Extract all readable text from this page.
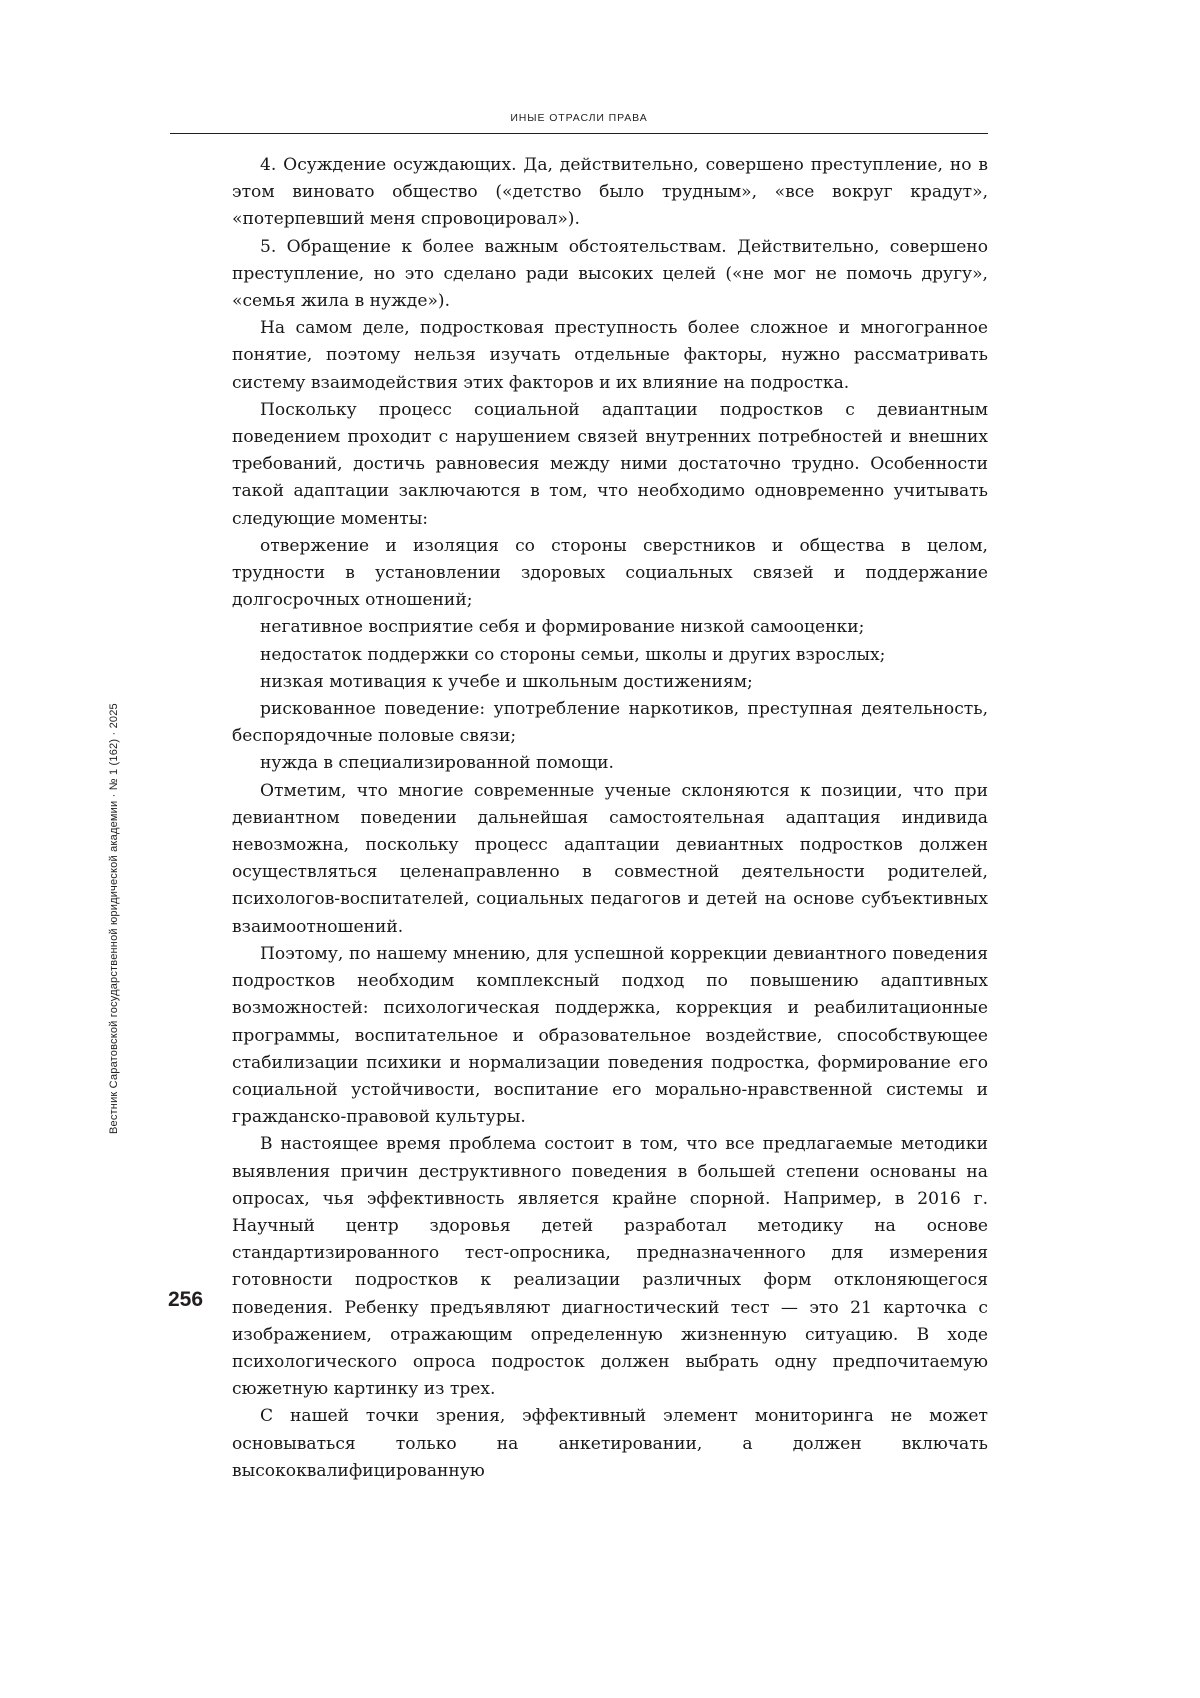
ИНЫЕ ОТРАСЛИ ПРАВА
Вестник Саратовской государственной юридической академии · № 1 (162) · 2025
256

4. Осуждение осуждающих. Да, действительно, совершено преступление, но в этом виновато общество («детство было трудным», «все вокруг крадут», «потерпевший меня спровоцировал»).

5. Обращение к более важным обстоятельствам. Действительно, совершено преступление, но это сделано ради высоких целей («не мог не помочь другу», «семья жила в нужде»).

На самом деле, подростковая преступность более сложное и многогранное понятие, поэтому нельзя изучать отдельные факторы, нужно рассматривать систему взаимодействия этих факторов и их влияние на подростка.

Поскольку процесс социальной адаптации подростков с девиантным поведением проходит с нарушением связей внутренних потребностей и внешних требований, достичь равновесия между ними достаточно трудно. Особенности такой адаптации заключаются в том, что необходимо одновременно учитывать следующие моменты:

отвержение и изоляция со стороны сверстников и общества в целом, трудности в установлении здоровых социальных связей и поддержание долгосрочных отношений;

негативное восприятие себя и формирование низкой самооценки;

недостаток поддержки со стороны семьи, школы и других взрослых;

низкая мотивация к учебе и школьным достижениям;

рискованное поведение: употребление наркотиков, преступная деятельность, беспорядочные половые связи;

нужда в специализированной помощи.

Отметим, что многие современные ученые склоняются к позиции, что при девиантном поведении дальнейшая самостоятельная адаптация индивида невозможна, поскольку процесс адаптации девиантных подростков должен осуществляться целенаправленно в совместной деятельности родителей, психологов-воспитателей, социальных педагогов и детей на основе субъективных взаимоотношений.

Поэтому, по нашему мнению, для успешной коррекции девиантного поведения подростков необходим комплексный подход по повышению адаптивных возможностей: психологическая поддержка, коррекция и реабилитационные программы, воспитательное и образовательное воздействие, способствующее стабилизации психики и нормализации поведения подростка, формирование его социальной устойчивости, воспитание его морально-нравственной системы и гражданско-правовой культуры.

В настоящее время проблема состоит в том, что все предлагаемые методики выявления причин деструктивного поведения в большей степени основаны на опросах, чья эффективность является крайне спорной. Например, в 2016 г. Научный центр здоровья детей разработал методику на основе стандартизированного тест-опросника, предназначенного для измерения готовности подростков к реализации различных форм отклоняющегося поведения. Ребенку предъявляют диагностический тест — это 21 карточка с изображением, отражающим определенную жизненную ситуацию. В ходе психологического опроса подросток должен выбрать одну предпочитаемую сюжетную картинку из трех.

С нашей точки зрения, эффективный элемент мониторинга не может основываться только на анкетировании, а должен включать высококвалифицированную
